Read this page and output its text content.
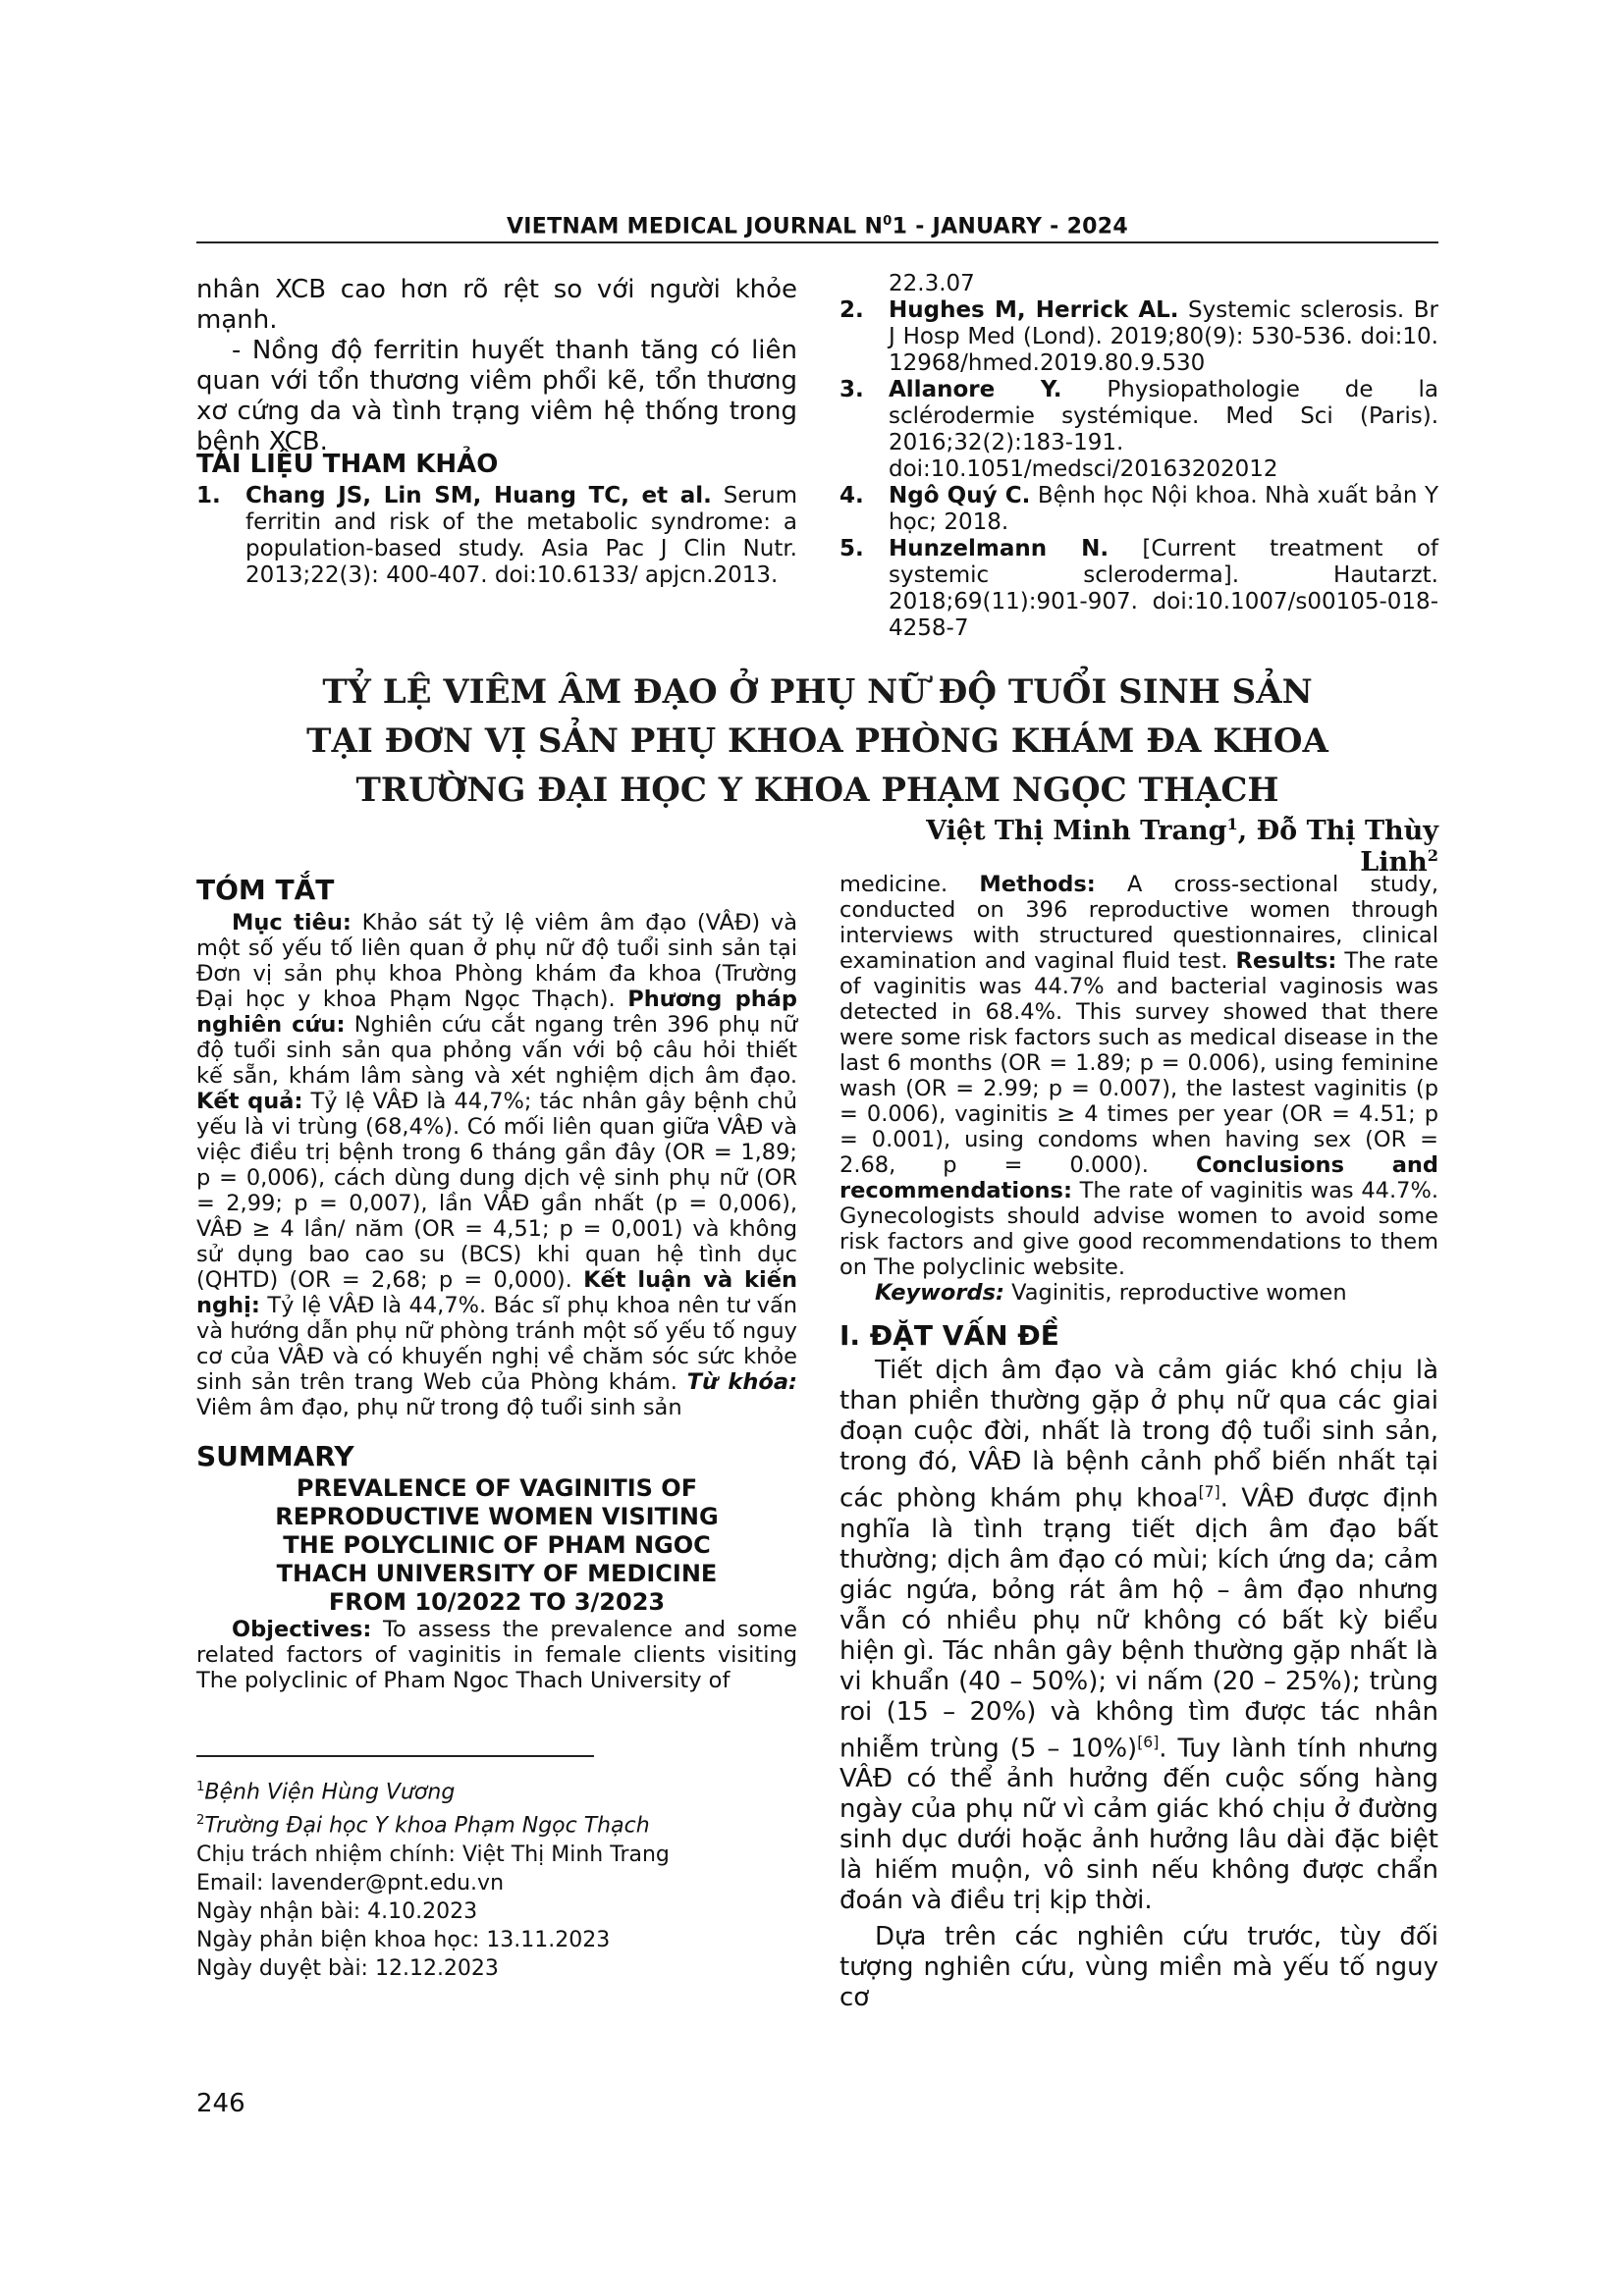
VIETNAM MEDICAL JOURNAL $N^01$ - JANUARY - 2024

nhân XCB cao hơn rõ rệt so với người khỏe mạnh.

- Nồng độ ferritin huyết thanh tăng có liên quan với tổn thương viêm phổi kẽ, tổn thương xơ cứng da và tình trạng viêm hệ thống trong bệnh XCB.

TÀI LIỆU THAM KHẢO

1.	Chang JS, Lin SM, Huang TC, et al. Serum ferritin and risk of the metabolic syndrome: a population-based study. Asia Pac J Clin Nutr. 2013;22(3): 400-407. doi:10.6133/ apjcn.2013.
22.3.07
2.	Hughes M, Herrick AL. Systemic sclerosis. Br J Hosp Med (Lond). 2019;80(9): 530-536. doi:10. 12968/hmed.2019.80.9.530
3.	Allanore Y. Physiopathologie de la sclérodermie systémique. Med Sci (Paris). 2016;32(2):183-191. doi:10.1051/medsci/20163202012
4.	Ngô Quý C. Bệnh học Nội khoa. Nhà xuất bản Y học; 2018.
5.	Hunzelmann N. [Current treatment of systemic scleroderma]. Hautarzt. 2018;69(11):901-907. doi:10.1007/s00105-018-4258-7
TỶ LỆ VIÊM ÂM ĐẠO Ở PHỤ NỮ ĐỘ TUỔI SINH SẢN
TẠI ĐƠN VỊ SẢN PHỤ KHOA PHÒNG KHÁM ĐA KHOA
TRƯỜNG ĐẠI HỌC Y KHOA PHẠM NGỌC THẠCH
Việt Thị Minh Trang$^1$, Đỗ Thị Thùy Linh$^2$

TÓM TẮT

Mục tiêu: Khảo sát tỷ lệ viêm âm đạo (VÂĐ) và một số yếu tố liên quan ở phụ nữ độ tuổi sinh sản tại Đơn vị sản phụ khoa Phòng khám đa khoa (Trường Đại học y khoa Phạm Ngọc Thạch). Phương pháp nghiên cứu: Nghiên cứu cắt ngang trên 396 phụ nữ độ tuổi sinh sản qua phỏng vấn với bộ câu hỏi thiết kế sẵn, khám lâm sàng và xét nghiệm dịch âm đạo. Kết quả: Tỷ lệ VÂĐ là 44,7%; tác nhân gây bệnh chủ yếu là vi trùng (68,4%). Có mối liên quan giữa VÂĐ và việc điều trị bệnh trong 6 tháng gần đây (OR = 1,89; p = 0,006), cách dùng dung dịch vệ sinh phụ nữ (OR = 2,99; p = 0,007), lần VÂĐ gần nhất (p = 0,006), VÂĐ ≥ 4 lần/ năm (OR = 4,51; p = 0,001) và không sử dụng bao cao su (BCS) khi quan hệ tình dục (QHTD) (OR = 2,68; p = 0,000). Kết luận và kiến nghị: Tỷ lệ VÂĐ là 44,7%. Bác sĩ phụ khoa nên tư vấn và hướng dẫn phụ nữ phòng tránh một số yếu tố nguy cơ của VÂĐ và có khuyến nghị về chăm sóc sức khỏe sinh sản trên trang Web của Phòng khám. Từ khóa: Viêm âm đạo, phụ nữ trong độ tuổi sinh sản

SUMMARY

PREVALENCE OF VAGINITIS OF REPRODUCTIVE WOMEN VISITING THE POLYCLINIC OF PHAM NGOC THACH UNIVERSITY OF MEDICINE FROM 10/2022 TO 3/2023

Objectives: To assess the prevalence and some related factors of vaginitis in female clients visiting The polyclinic of Pham Ngoc Thach University of

$^1$Bệnh Viện Hùng Vương
$^2$Trường Đại học Y khoa Phạm Ngọc Thạch
Chịu trách nhiệm chính: Việt Thị Minh Trang
Email: lavender@pnt.edu.vn
Ngày nhận bài: 4.10.2023
Ngày phản biện khoa học: 13.11.2023
Ngày duyệt bài: 12.12.2023
246

medicine. Methods: A cross-sectional study, conducted on 396 reproductive women through interviews with structured questionnaires, clinical examination and vaginal fluid test. Results: The rate of vaginitis was 44.7% and bacterial vaginosis was detected in 68.4%. This survey showed that there were some risk factors such as medical disease in the last 6 months (OR = 1.89; p = 0.006), using feminine wash (OR = 2.99; p = 0.007), the lastest vaginitis (p = 0.006), vaginitis ≥ 4 times per year (OR = 4.51; p = 0.001), using condoms when having sex (OR = 2.68, p = 0.000). Conclusions and recommendations: The rate of vaginitis was 44.7%. Gynecologists should advise women to avoid some risk factors and give good recommendations to them on The polyclinic website.

Keywords: Vaginitis, reproductive women

I. ĐẶT VẤN ĐỀ

Tiết dịch âm đạo và cảm giác khó chịu là than phiền thường gặp ở phụ nữ qua các giai đoạn cuộc đời, nhất là trong độ tuổi sinh sản, trong đó, VÂĐ là bệnh cảnh phổ biến nhất tại các phòng khám phụ khoa[7]. VÂĐ được định nghĩa là tình trạng tiết dịch âm đạo bất thường; dịch âm đạo có mùi; kích ứng da; cảm giác ngứa, bỏng rát âm hộ – âm đạo nhưng vẫn có nhiều phụ nữ không có bất kỳ biểu hiện gì. Tác nhân gây bệnh thường gặp nhất là vi khuẩn (40 – 50%); vi nấm (20 – 25%); trùng roi (15 – 20%) và không tìm được tác nhân nhiễm trùng (5 – 10%)[6]. Tuy lành tính nhưng VÂĐ có thể ảnh hưởng đến cuộc sống hàng ngày của phụ nữ vì cảm giác khó chịu ở đường sinh dục dưới hoặc ảnh hưởng lâu dài đặc biệt là hiếm muộn, vô sinh nếu không được chẩn đoán và điều trị kịp thời.

Dựa trên các nghiên cứu trước, tùy đối tượng nghiên cứu, vùng miền mà yếu tố nguy cơ
